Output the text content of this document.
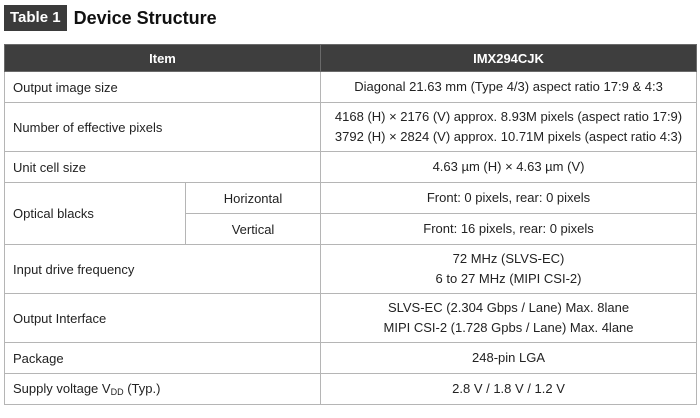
Table 1 Device Structure
Item		IMX294CJK
Output image size		Diagonal 21.63 mm (Type 4/3) aspect ratio 17:9 & 4:3
Number of effective pixels		4168 (H) × 2176 (V) approx. 8.93M pixels (aspect ratio 17:9)
3792 (H) × 2824 (V) approx. 10.71M pixels (aspect ratio 4:3)

Unit cell size		4.63 µm (H) × 4.63 µm (V)
Optical blacks	Horizontal	Front: 0 pixels, rear: 0 pixels
	Vertical	Front: 16 pixels, rear: 0 pixels
Input drive frequency		72 MHz (SLVS-EC)
6 to 27 MHz (MIPI CSI-2)

Output Interface		SLVS-EC (2.304 Gbps / Lane) Max. 8lane
MIPI CSI-2 (1.728 Gpbs / Lane) Max. 4lane

Package		248-pin LGA
Supply voltage $V_{DD}$ (Typ.)		2.8 V / 1.8 V / 1.2 V
